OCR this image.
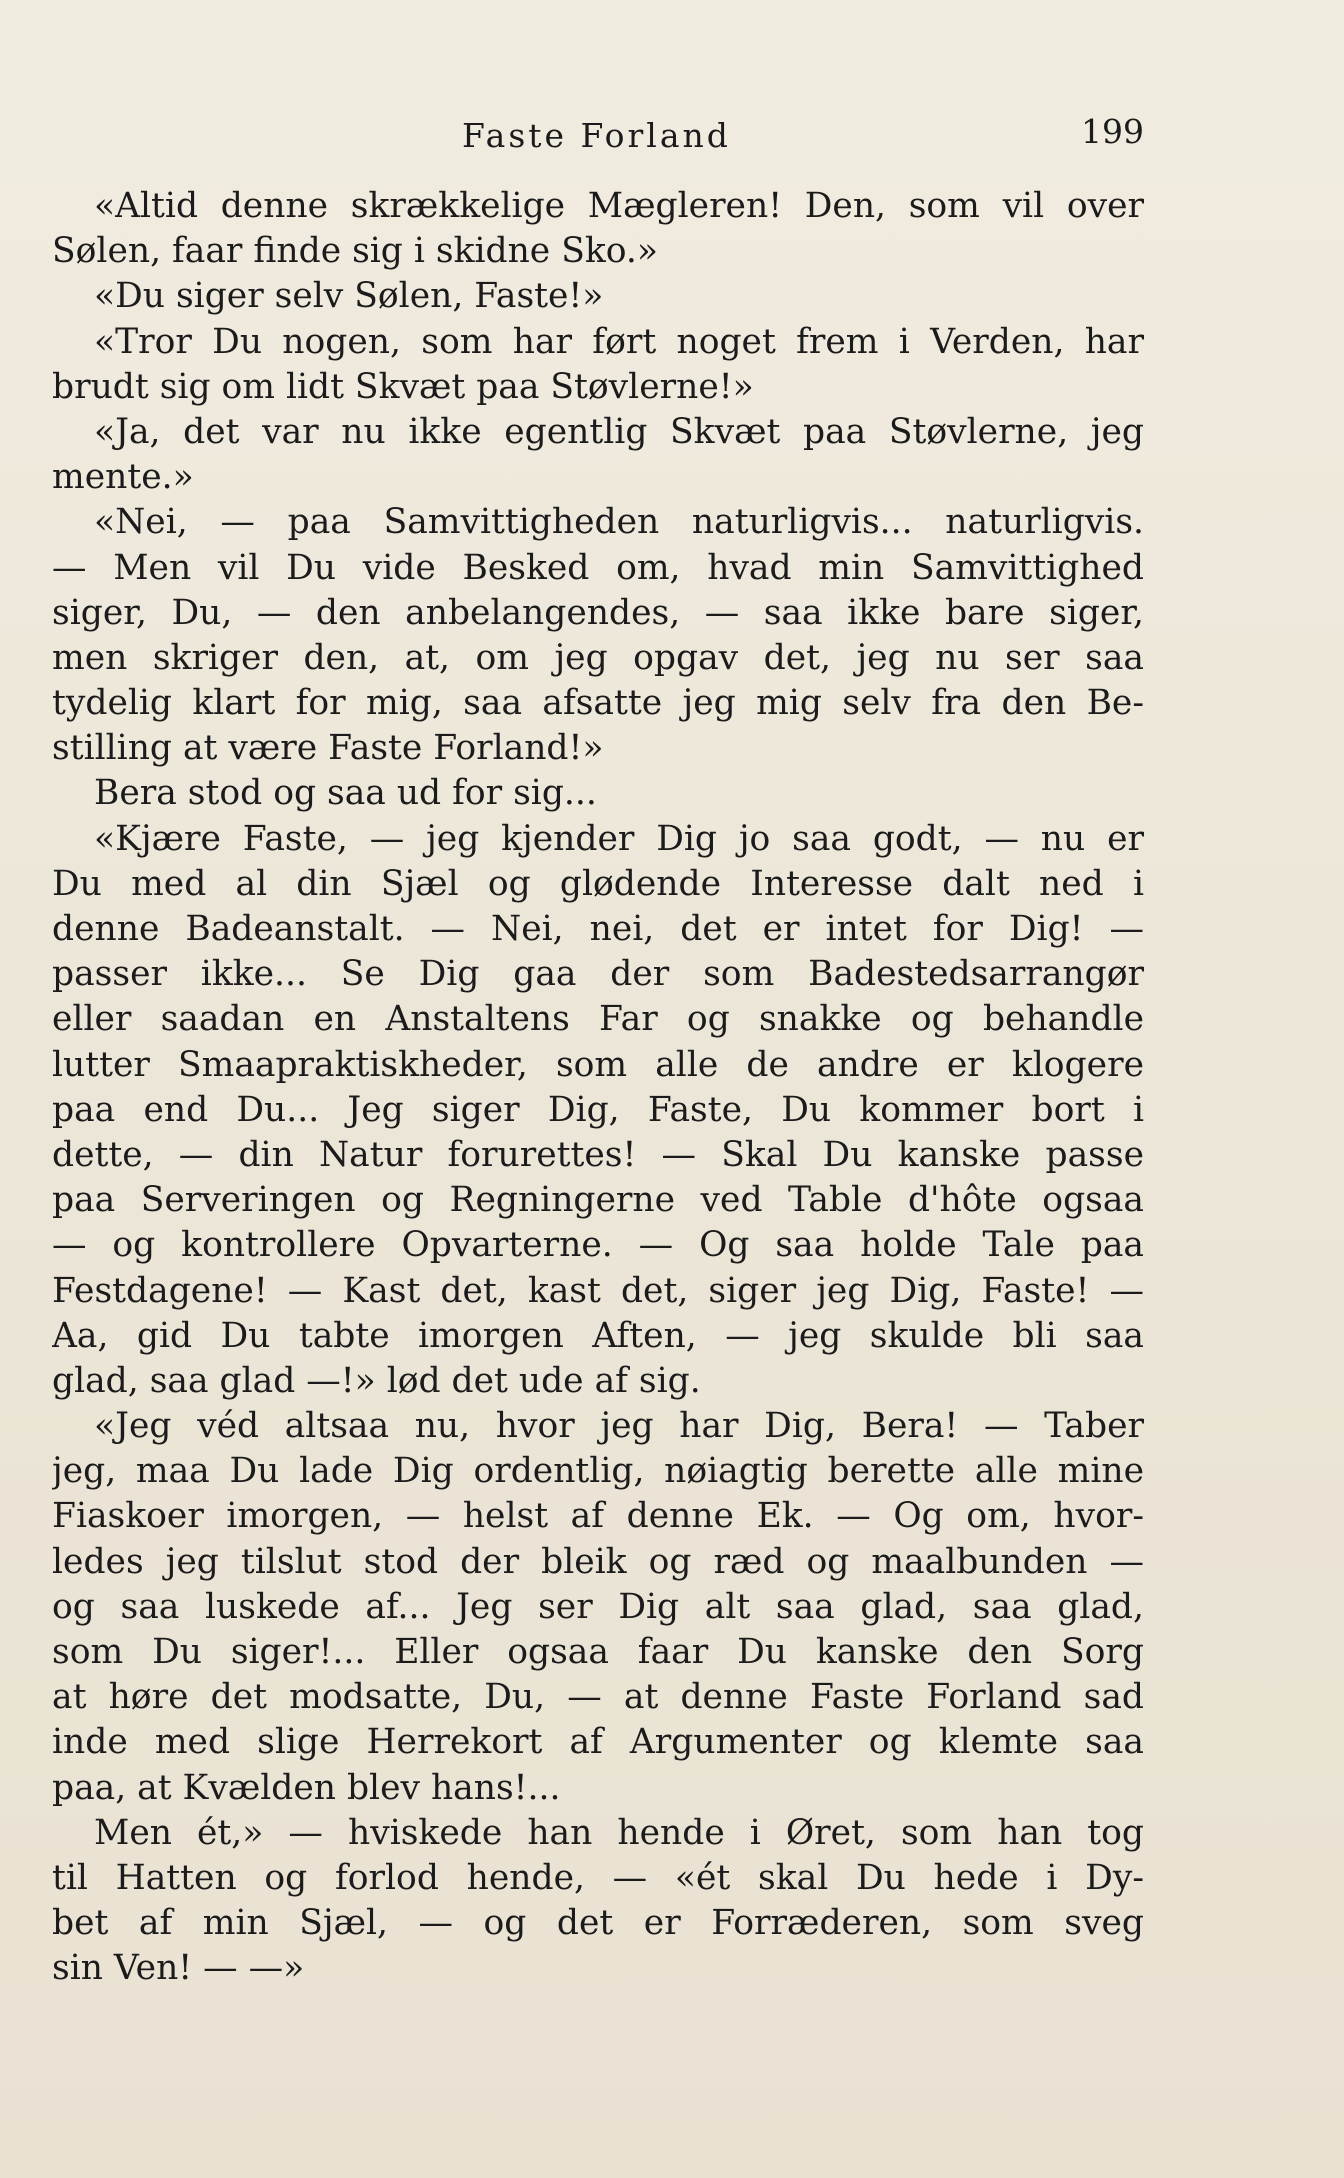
Faste Forland	199
«Altid denne skrækkelige Mægleren! Den, som vil over
Sølen, faar finde sig i skidne Sko.»
«Du siger selv Sølen, Faste!»
«Tror Du nogen, som har ført noget frem i Verden, har
brudt sig om lidt Skvæt paa Støvlerne!»
«Ja, det var nu ikke egentlig Skvæt paa Støvlerne, jeg
mente.»
«Nei, — paa Samvittigheden naturligvis... naturligvis.
— Men vil Du vide Besked om, hvad min Samvittighed
siger, Du, — den anbelangendes, — saa ikke bare siger,
men skriger den, at, om jeg opgav det, jeg nu ser saa
tydelig klart for mig, saa afsatte jeg mig selv fra den Be-
stilling at være Faste Forland!»
Bera stod og saa ud for sig...
«Kjære Faste, — jeg kjender Dig jo saa godt, — nu er
Du med al din Sjæl og glødende Interesse dalt ned i
denne Badeanstalt. — Nei, nei, det er intet for Dig! —
passer ikke... Se Dig gaa der som Badestedsarrangør
eller saadan en Anstaltens Far og snakke og behandle
lutter Smaapraktiskheder, som alle de andre er klogere
paa end Du... Jeg siger Dig, Faste, Du kommer bort i
dette, — din Natur forurettes! — Skal Du kanske passe
paa Serveringen og Regningerne ved Table d'hôte ogsaa
— og kontrollere Opvarterne. — Og saa holde Tale paa
Festdagene! — Kast det, kast det, siger jeg Dig, Faste! —
Aa, gid Du tabte imorgen Aften, — jeg skulde bli saa
glad, saa glad —!» lød det ude af sig.
«Jeg véd altsaa nu, hvor jeg har Dig, Bera! — Taber
jeg, maa Du lade Dig ordentlig, nøiagtig berette alle mine
Fiaskoer imorgen, — helst af denne Ek. — Og om, hvor-
ledes jeg tilslut stod der bleik og ræd og maalbunden —
og saa luskede af... Jeg ser Dig alt saa glad, saa glad,
som Du siger!... Eller ogsaa faar Du kanske den Sorg
at høre det modsatte, Du, — at denne Faste Forland sad
inde med slige Herrekort af Argumenter og klemte saa
paa, at Kvælden blev hans!...
Men ét,» — hviskede han hende i Øret, som han tog
til Hatten og forlod hende, — «ét skal Du hede i Dy-
bet af min Sjæl, — og det er Forræderen, som sveg
sin Ven! — —»
